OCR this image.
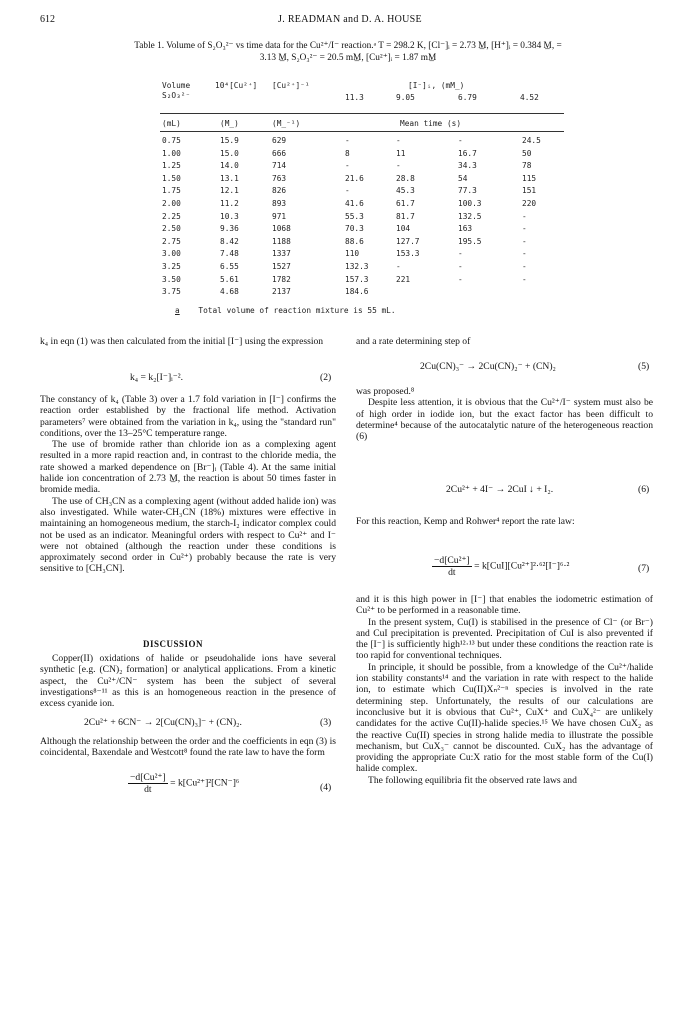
612	J. READMAN and D. A. HOUSE
Table 1. Volume of S₂O₃²⁻ vs time data for the Cu²⁺/I⁻ reaction.ᵃ T = 298.2 K, [Cl⁻]ᵢ = 2.73 M̲, [H⁺]ᵢ = 0.384 M̲, =
3.13 M̲, S₂O₃²⁻ = 20.5 mM̲, [Cu²⁺]ᵢ = 1.87 mM̲
Volume
S₂O₃²⁻
10⁴[Cu²⁺] [Cu²⁺]⁻¹	[I⁻]ᵢ, (mM̲)
11.3	9.05	6.79	4.52
(mL)	(M̲)	(M̲⁻¹)	Mean time (s)
0.75	15.9	629	-	-	-	24.5
1.00	15.0	666	8	11	16.7	50
1.25	14.0	714	-	-	34.3	78
1.50	13.1	763	21.6	28.8	54	115
1.75	12.1	826	-	45.3	77.3	151
2.00	11.2	893	41.6	61.7	100.3	220
2.25	10.3	971	55.3	81.7	132.5	-
2.50	9.36	1068	70.3	104	163	-
2.75	8.42	1188	88.6	127.7	195.5	-
3.00	7.48	1337	110	153.3	-	-
3.25	6.55	1527	132.3	-	-	-
3.50	5.61	1782	157.3	221	-	-
3.75	4.68	2137	184.6
a Total volume of reaction mixture is 55 mL.

k₄ in eqn (1) was then calculated from the initial [I⁻] using the expression

k₄ = k₂[I⁻]ᵢ⁻².	(2)

The constancy of k₄ (Table 3) over a 1.7 fold variation in [I⁻] confirms the reaction order established by the fractional life method. Activation parameters⁷ were obtained from the variation in k₄, using the "standard run" conditions, over the 13–25°C temperature range.

The use of bromide rather than chloride ion as a complexing agent resulted in a more rapid reaction and, in contrast to the chloride media, the rate showed a marked dependence on [Br⁻]ᵢ (Table 4). At the same initial halide ion concentration of 2.73 M̲, the reaction is about 50 times faster in bromide media.

The use of CH₃CN as a complexing agent (without added halide ion) was also investigated. While water-CH₃CN (18%) mixtures were effective in maintaining an homogeneous medium, the starch-I₂ indicator complex could not be used as an indicator. Meaningful orders with respect to Cu²⁺ and I⁻ were not obtained (although the reaction under these conditions is approximately second order in Cu²⁺) probably because the rate is very sensitive to [CH₃CN].

DISCUSSION

Copper(II) oxidations of halide or pseudohalide ions have several synthetic [e.g. (CN)₂ formation] or analytical applications. From a kinetic aspect, the Cu²⁺/CN⁻ system has been the subject of several investigations⁸⁻¹¹ as this is an homogeneous reaction in the presence of excess cyanide ion.

2Cu²⁺ + 6CN⁻ → 2[Cu(CN)₃]⁻ + (CN)₂.	(3)

Although the relationship between the order and the coefficients in eqn (3) is coincidental, Baxendale and Westcott⁸ found the rate law to have the form

$\frac{\text{−d[Cu²⁺]}}{dt} = k[Cu^{2+}]^2[CN^-]^6$	(4)

and a rate determining step of

2Cu(CN)₃⁻ → 2Cu(CN)₂⁻ + (CN)₂	(5)

was proposed.⁸

Despite less attention, it is obvious that the Cu²⁺/I⁻ system must also be of high order in iodide ion, but the exact factor has been difficult to determine⁴ because of the autocatalytic nature of the heterogeneous reaction (6)

2Cu²⁺ + 4I⁻ → 2CuI ↓ + I₂.	(6)

For this reaction, Kemp and Rohwer⁴ report the rate law:

$\frac{\text{−d[Cu²⁺]}}{dt} = k[CuI][Cu^{2+}]^2\cdot^{62}[I^-]^6\cdot^2$	(7)

and it is this high power in [I⁻] that enables the iodometric estimation of Cu²⁺ to be performed in a reasonable time.

In the present system, Cu(I) is stabilised in the presence of Cl⁻ (or Br⁻) and CuI precipitation is prevented. Precipitation of CuI is also prevented if the [I⁻] is sufficiently high¹²·¹³ but under these conditions the reaction rate is too rapid for conventional techniques.

In principle, it should be possible, from a knowledge of the Cu²⁺/halide ion stability constants¹⁴ and the variation in rate with respect to the halide ion, to estimate which Cu(II)Xₙ²⁻ⁿ species is involved in the rate determining step. Unfortunately, the results of our calculations are inconclusive but it is obvious that Cu²⁺, CuX⁺ and CuX₄²⁻ are unlikely candidates for the active Cu(II)-halide species.¹⁵ We have chosen CuX₂ as the reactive Cu(II) species in strong halide media to illustrate the possible mechanism, but CuX₃⁻ cannot be discounted. CuX₂ has the advantage of providing the appropriate Cu:X ratio for the most stable form of the Cu(I) halide complex.

The following equilibria fit the observed rate laws and
